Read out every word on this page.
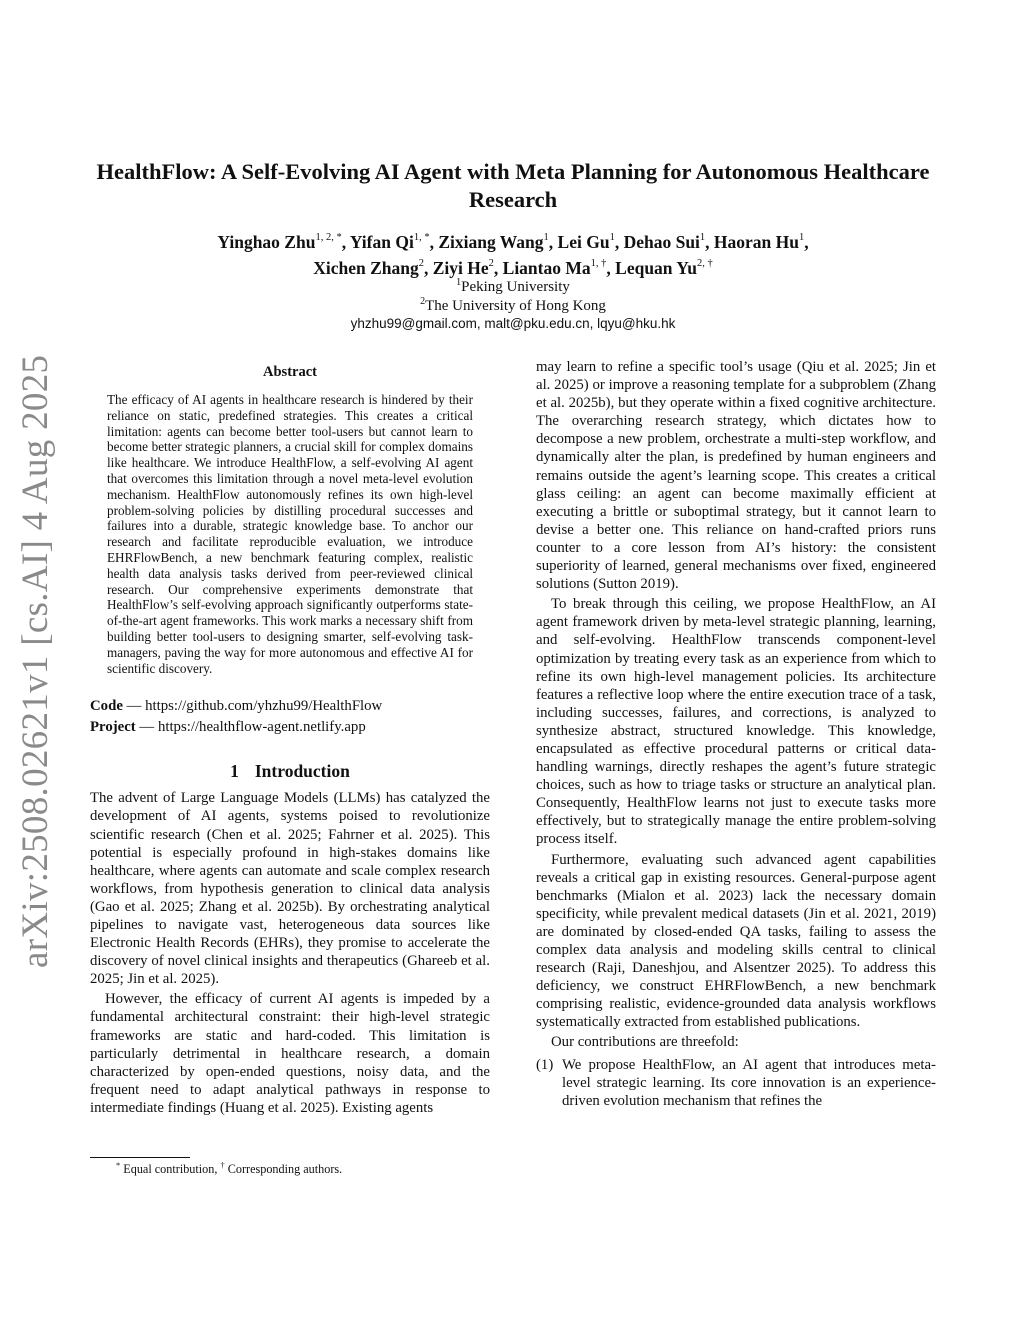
arXiv:2508.02621v1 [cs.AI] 4 Aug 2025
HealthFlow: A Self-Evolving AI Agent with Meta Planning for Autonomous Healthcare Research
Yinghao Zhu$^{1, 2, *}$, Yifan $Qi^{1, *}$, Zixiang Wang$^1$, Lei Gu$^1$, Dehao Sui$^1$, Haoran Hu$^1$,
Xichen Zhang$^2$, Ziyi He$^2$, Liantao $Ma^{1, \dagger}$, Lequan $Yu^{2, \dagger}$
$^1$Peking University
$^2$The University of Hong Kong
yhzhu99@gmail.com, malt@pku.edu.cn, lqyu@hku.hk
Abstract

The efficacy of AI agents in healthcare research is hindered by their reliance on static, predefined strategies. This creates a critical limitation: agents can become better tool-users but cannot learn to become better strategic planners, a crucial skill for complex domains like healthcare. We introduce HealthFlow, a self-evolving AI agent that overcomes this limitation through a novel meta-level evolution mechanism. HealthFlow autonomously refines its own high-level problem-solving policies by distilling procedural successes and failures into a durable, strategic knowledge base. To anchor our research and facilitate reproducible evaluation, we introduce EHRFlowBench, a new benchmark featuring complex, realistic health data analysis tasks derived from peer-reviewed clinical research. Our comprehensive experiments demonstrate that HealthFlow’s self-evolving approach significantly outperforms state-of-the-art agent frameworks. This work marks a necessary shift from building better tool-users to designing smarter, self-evolving task-managers, paving the way for more autonomous and effective AI for scientific discovery.

Code — https://github.com/yhzhu99/HealthFlow
Project — https://healthflow-agent.netlify.app
1 Introduction

The advent of Large Language Models (LLMs) has catalyzed the development of AI agents, systems poised to revolutionize scientific research (Chen et al. 2025; Fahrner et al. 2025). This potential is especially profound in high-stakes domains like healthcare, where agents can automate and scale complex research workflows, from hypothesis generation to clinical data analysis (Gao et al. 2025; Zhang et al. 2025b). By orchestrating analytical pipelines to navigate vast, heterogeneous data sources like Electronic Health Records (EHRs), they promise to accelerate the discovery of novel clinical insights and therapeutics (Ghareeb et al. 2025; Jin et al. 2025).

However, the efficacy of current AI agents is impeded by a fundamental architectural constraint: their high-level strategic frameworks are static and hard-coded. This limitation is particularly detrimental in healthcare research, a domain characterized by open-ended questions, noisy data, and the frequent need to adapt analytical pathways in response to intermediate findings (Huang et al. 2025). Existing agents

may learn to refine a specific tool’s usage (Qiu et al. 2025; Jin et al. 2025) or improve a reasoning template for a subproblem (Zhang et al. 2025b), but they operate within a fixed cognitive architecture. The overarching research strategy, which dictates how to decompose a new problem, orchestrate a multi-step workflow, and dynamically alter the plan, is predefined by human engineers and remains outside the agent’s learning scope. This creates a critical glass ceiling: an agent can become maximally efficient at executing a brittle or suboptimal strategy, but it cannot learn to devise a better one. This reliance on hand-crafted priors runs counter to a core lesson from AI’s history: the consistent superiority of learned, general mechanisms over fixed, engineered solutions (Sutton 2019).

To break through this ceiling, we propose HealthFlow, an AI agent framework driven by meta-level strategic planning, learning, and self-evolving. HealthFlow transcends component-level optimization by treating every task as an experience from which to refine its own high-level management policies. Its architecture features a reflective loop where the entire execution trace of a task, including successes, failures, and corrections, is analyzed to synthesize abstract, structured knowledge. This knowledge, encapsulated as effective procedural patterns or critical data-handling warnings, directly reshapes the agent’s future strategic choices, such as how to triage tasks or structure an analytical plan. Consequently, HealthFlow learns not just to execute tasks more effectively, but to strategically manage the entire problem-solving process itself.

Furthermore, evaluating such advanced agent capabilities reveals a critical gap in existing resources. General-purpose agent benchmarks (Mialon et al. 2023) lack the necessary domain specificity, while prevalent medical datasets (Jin et al. 2021, 2019) are dominated by closed-ended QA tasks, failing to assess the complex data analysis and modeling skills central to clinical research (Raji, Daneshjou, and Alsentzer 2025). To address this deficiency, we construct EHRFlowBench, a new benchmark comprising realistic, evidence-grounded data analysis workflows systematically extracted from established publications.

Our contributions are threefold:

(1) We propose HealthFlow, an AI agent that introduces meta-level strategic learning. Its core innovation is an experience-driven evolution mechanism that refines the
* Equal contribution, † Corresponding authors.
